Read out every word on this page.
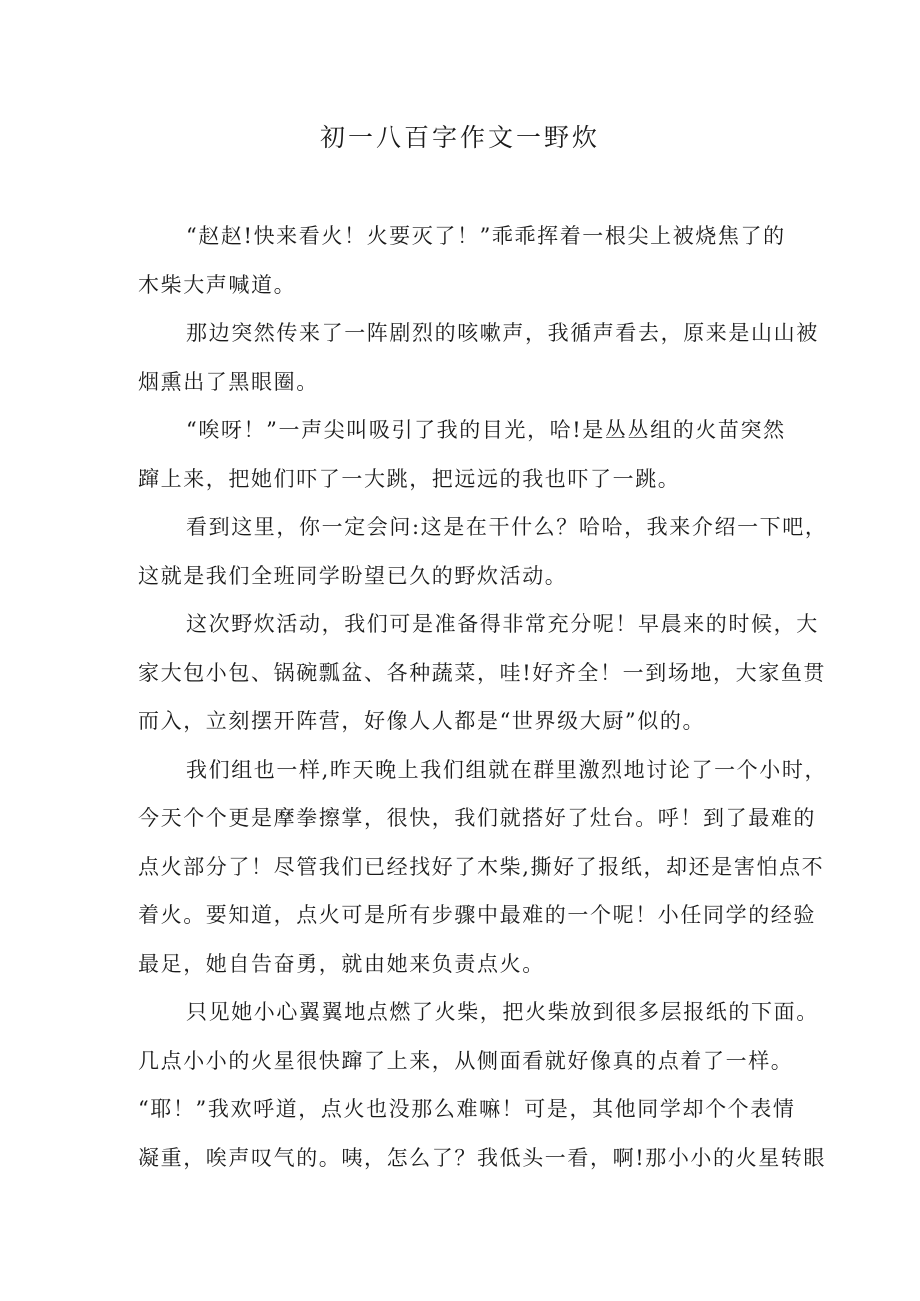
初一八百字作文一野炊

“赵赵!快来看火！火要灭了！”乖乖挥着一根尖上被烧焦了的
木柴大声喊道。

那边突然传来了一阵剧烈的咳嗽声，我循声看去，原来是山山被
烟熏出了黑眼圈。

“唉呀！”一声尖叫吸引了我的目光，哈!是丛丛组的火苗突然
蹿上来，把她们吓了一大跳，把远远的我也吓了一跳。

看到这里，你一定会问:这是在干什么？哈哈，我来介绍一下吧，
这就是我们全班同学盼望已久的野炊活动。

这次野炊活动，我们可是准备得非常充分呢！早晨来的时候，大
家大包小包、锅碗瓢盆、各种蔬菜，哇!好齐全！一到场地，大家鱼贯
而入，立刻摆开阵营，好像人人都是“世界级大厨”似的。

我们组也一样,昨天晚上我们组就在群里激烈地讨论了一个小时，
今天个个更是摩拳擦掌，很快，我们就搭好了灶台。呼！到了最难的
点火部分了！尽管我们已经找好了木柴,撕好了报纸，却还是害怕点不
着火。要知道，点火可是所有步骤中最难的一个呢！小任同学的经验
最足，她自告奋勇，就由她来负责点火。

只见她小心翼翼地点燃了火柴，把火柴放到很多层报纸的下面。
几点小小的火星很快蹿了上来，从侧面看就好像真的点着了一样。
“耶！”我欢呼道，点火也没那么难嘛！可是，其他同学却个个表情
凝重，唉声叹气的。咦，怎么了？我低头一看，啊!那小小的火星转眼
